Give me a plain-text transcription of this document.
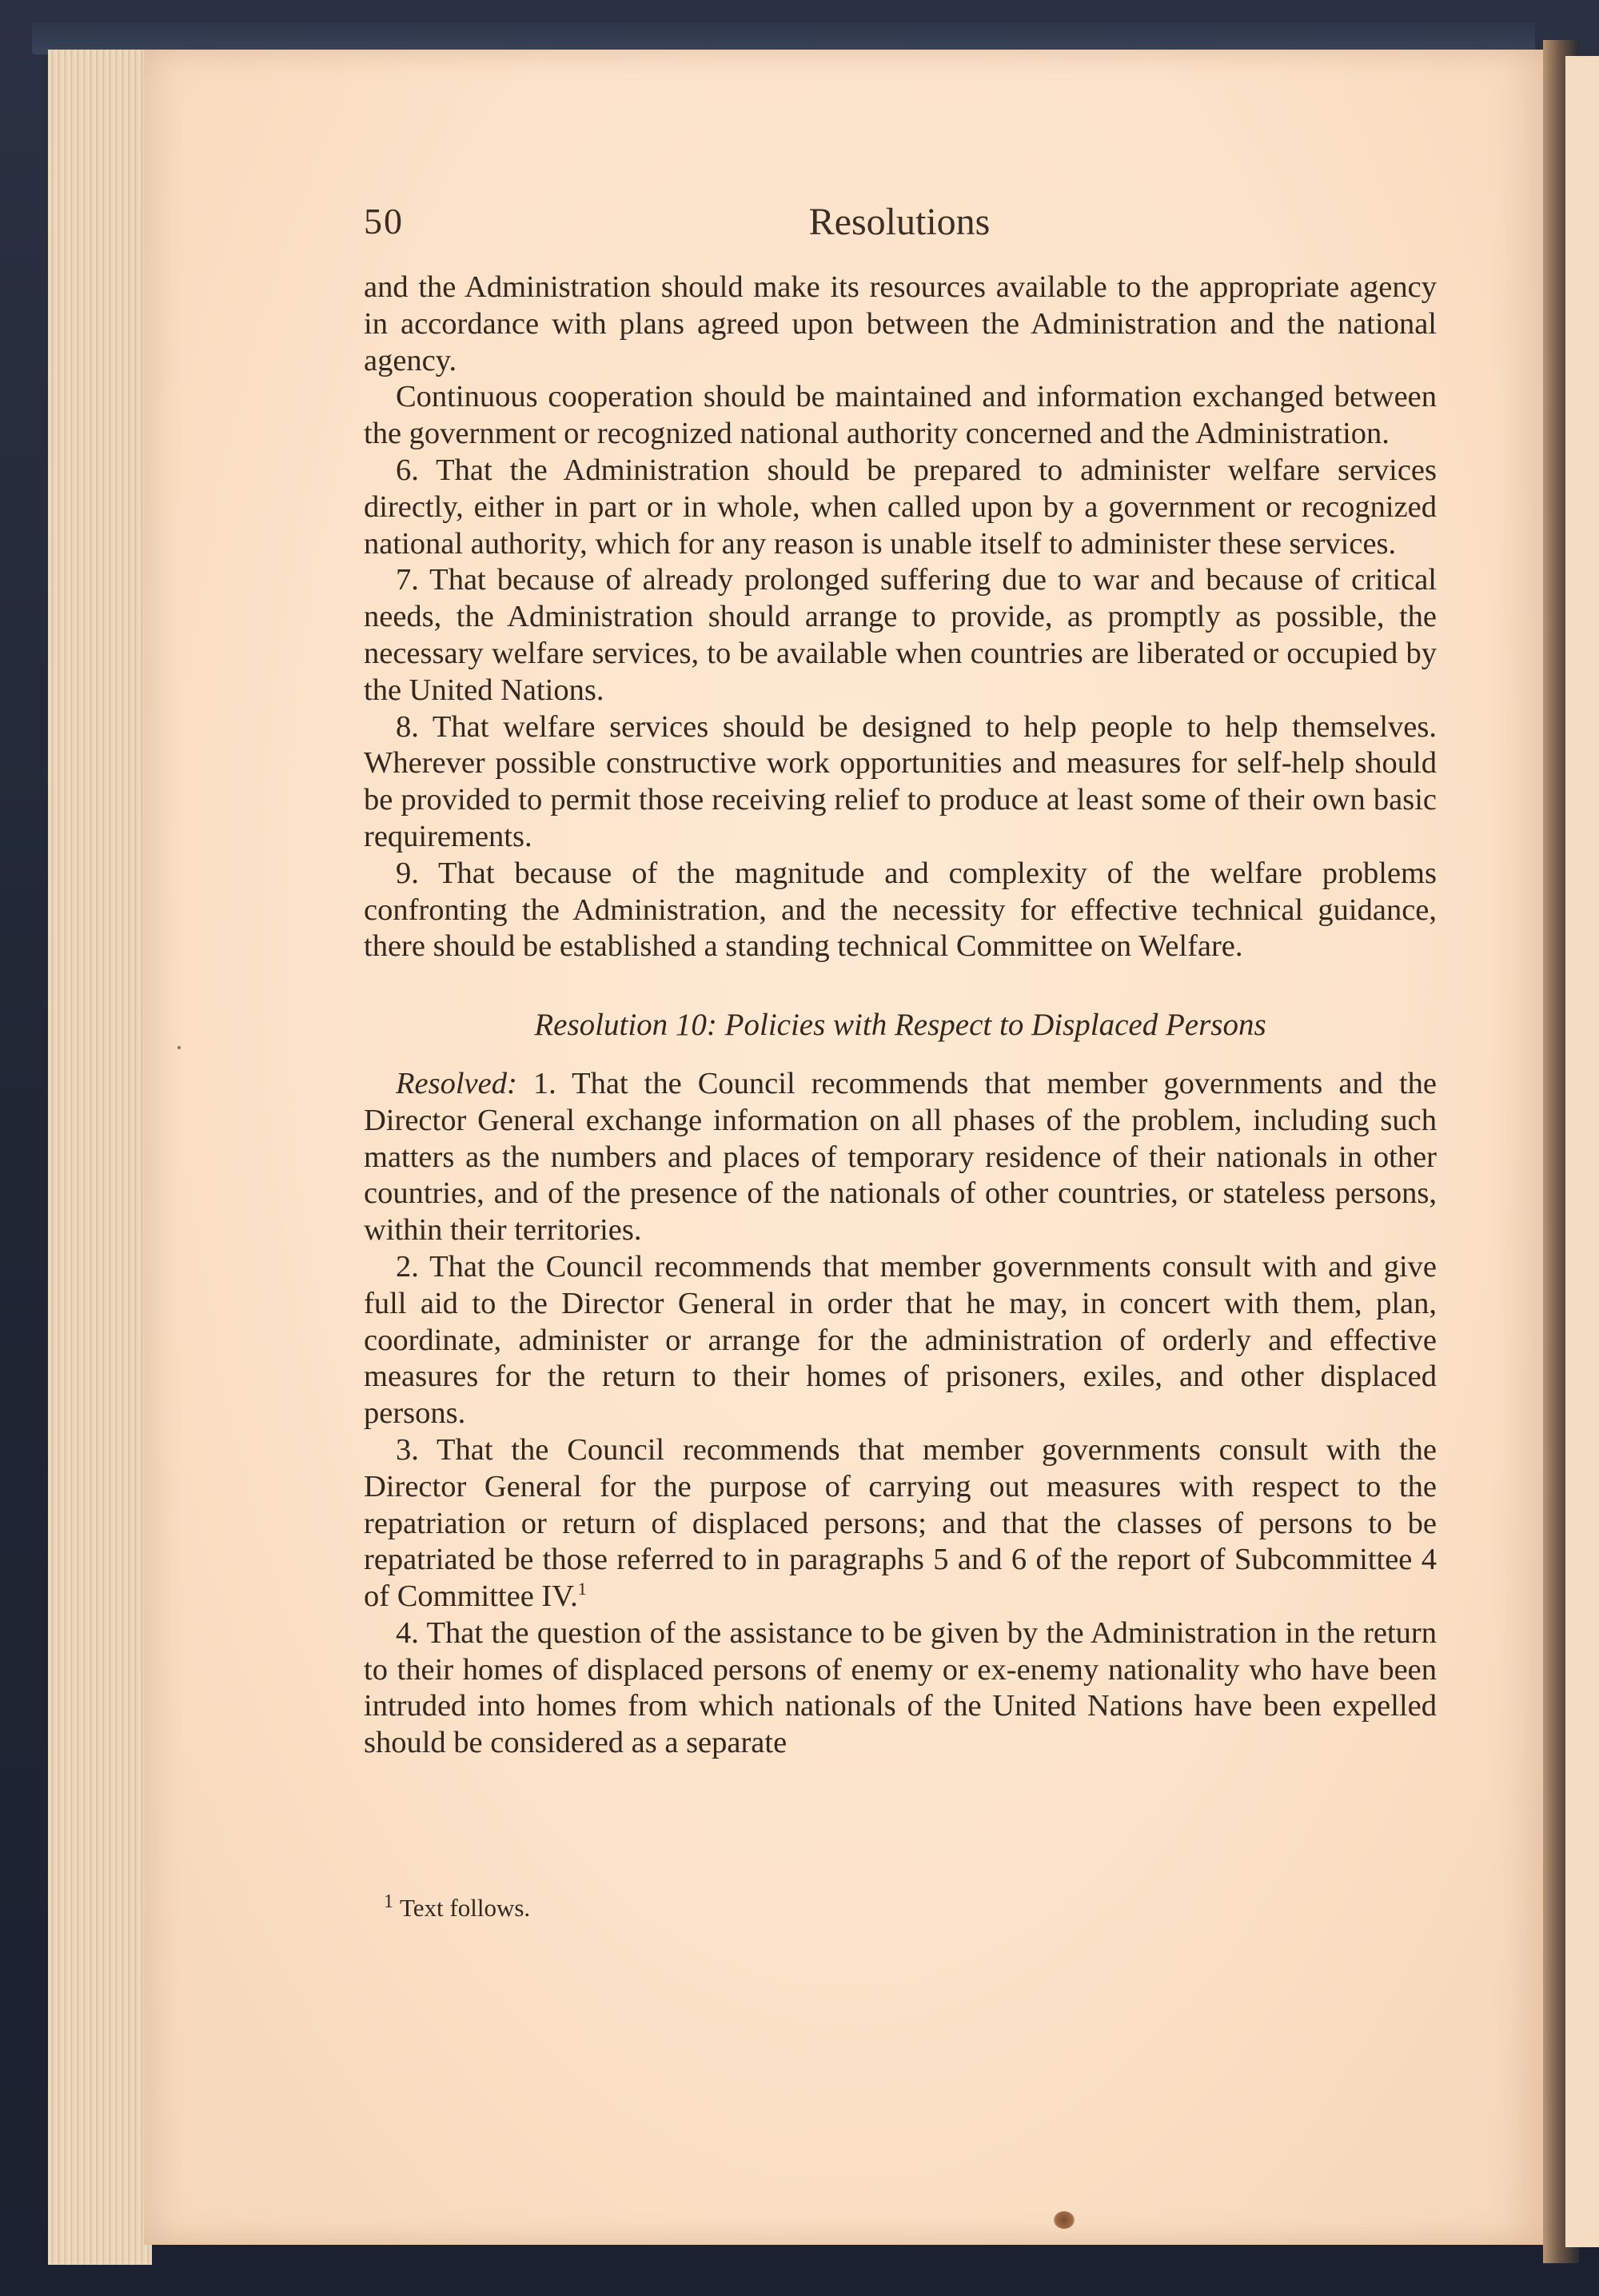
50	Resolutions

and the Administration should make its resources available to the appropriate agency in accordance with plans agreed upon between the Administration and the national agency.

Continuous cooperation should be maintained and information exchanged between the government or recognized national authority concerned and the Administration.

6. That the Administration should be prepared to administer welfare services directly, either in part or in whole, when called upon by a government or recognized national authority, which for any reason is unable itself to administer these services.

7. That because of already prolonged suffering due to war and because of critical needs, the Administration should arrange to provide, as promptly as possible, the necessary welfare services, to be available when countries are liberated or occupied by the United Nations.

8. That welfare services should be designed to help people to help themselves. Wherever possible constructive work opportunities and measures for self-help should be provided to permit those receiving relief to produce at least some of their own basic requirements.

9. That because of the magnitude and complexity of the welfare problems confronting the Administration, and the necessity for effective technical guidance, there should be established a standing technical Committee on Welfare.

Resolution 10: Policies with Respect to Displaced Persons

Resolved: 1. That the Council recommends that member governments and the Director General exchange information on all phases of the problem, including such matters as the numbers and places of temporary residence of their nationals in other countries, and of the presence of the nationals of other countries, or stateless persons, within their territories.

2. That the Council recommends that member governments consult with and give full aid to the Director General in order that he may, in concert with them, plan, coordinate, administer or arrange for the administration of orderly and effective measures for the return to their homes of prisoners, exiles, and other displaced persons.

3. That the Council recommends that member governments consult with the Director General for the purpose of carrying out measures with respect to the repatriation or return of displaced persons; and that the classes of persons to be repatriated be those referred to in paragraphs 5 and 6 of the report of Subcommittee 4 of Committee IV.$^1$

4. That the question of the assistance to be given by the Administration in the return to their homes of displaced persons of enemy or ex-enemy nationality who have been intruded into homes from which nationals of the United Nations have been expelled should be considered as a separate

$^1$ Text follows.
